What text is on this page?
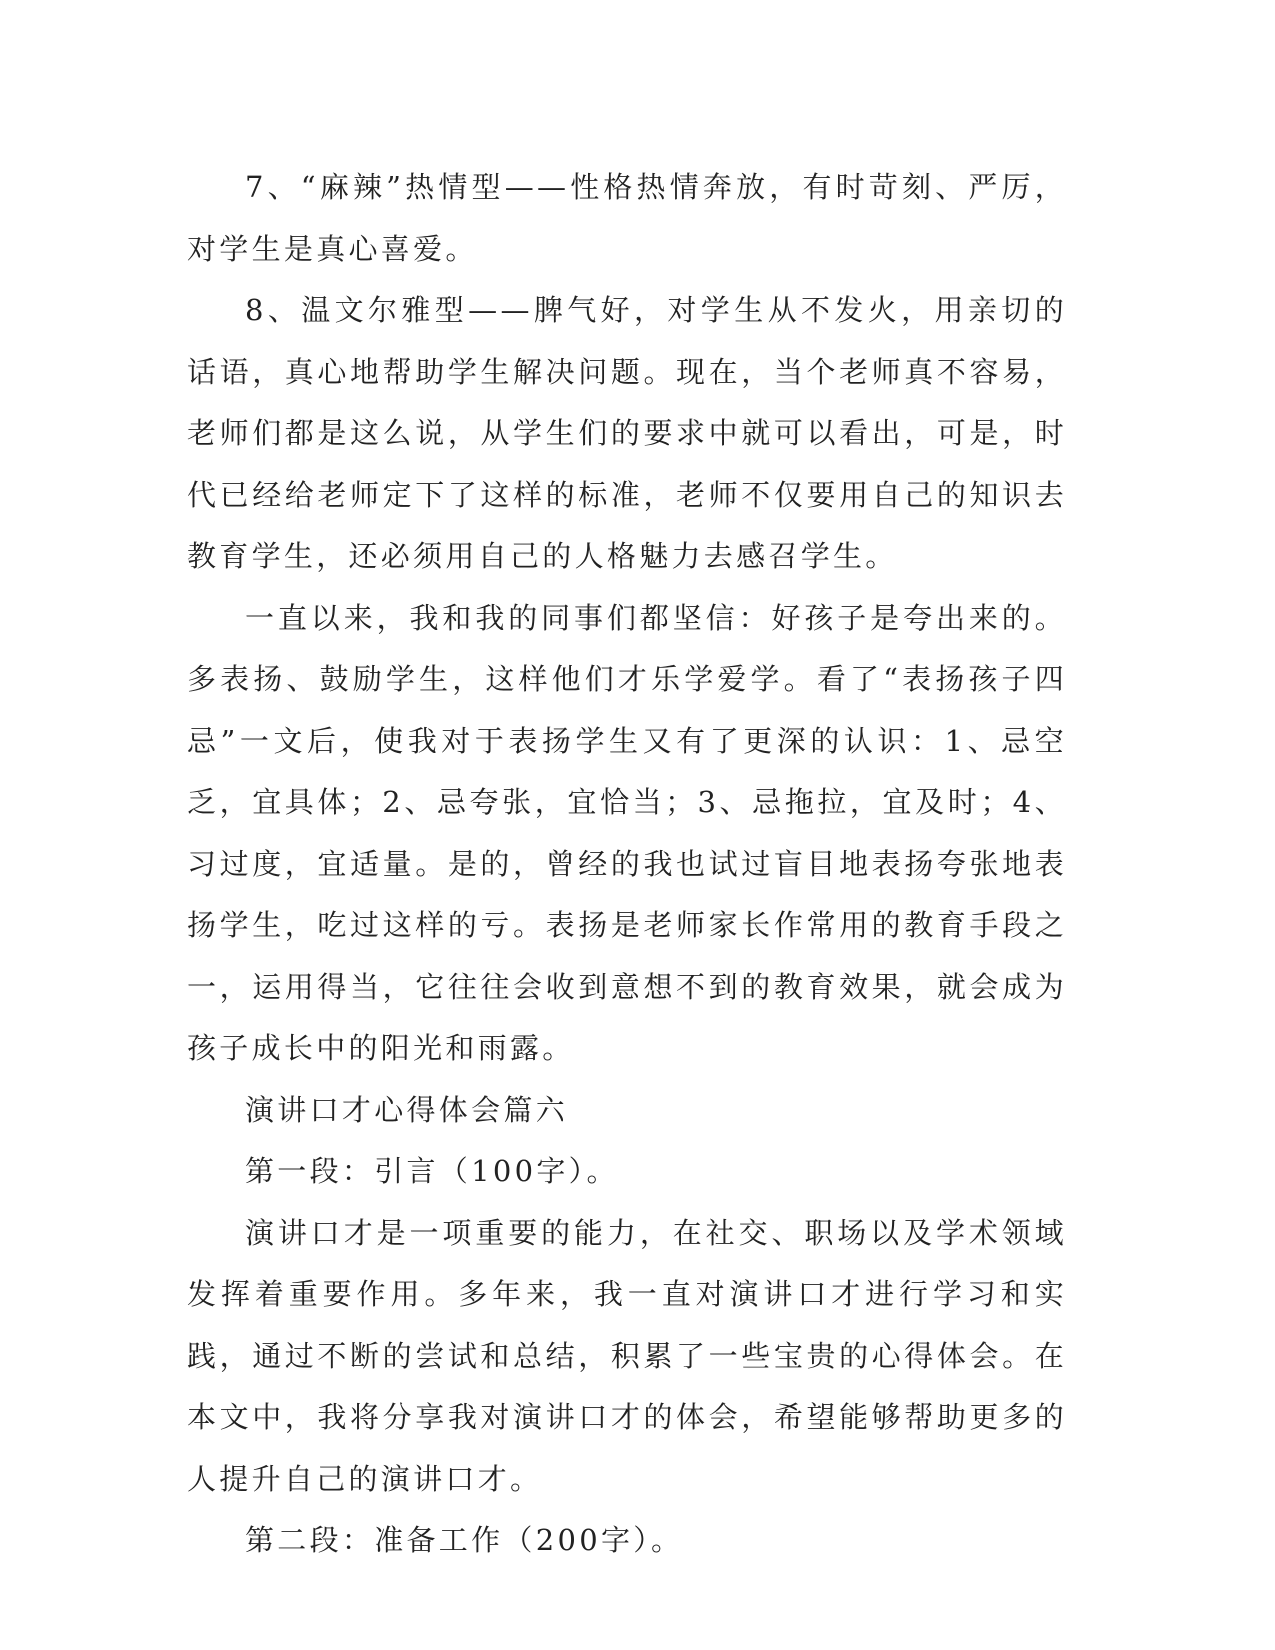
7、“麻辣”热情型——性格热情奔放，有时苛刻、严厉，对学生是真心喜爱。

8、温文尔雅型——脾气好，对学生从不发火，用亲切的话语，真心地帮助学生解决问题。现在，当个老师真不容易，老师们都是这么说，从学生们的要求中就可以看出，可是，时代已经给老师定下了这样的标准，老师不仅要用自己的知识去教育学生，还必须用自己的人格魅力去感召学生。

一直以来，我和我的同事们都坚信：好孩子是夸出来的。多表扬、鼓励学生，这样他们才乐学爱学。看了“表扬孩子四忌”一文后，使我对于表扬学生又有了更深的认识：1、忌空乏，宜具体；2、忌夸张，宜恰当；3、忌拖拉，宜及时；4、习过度，宜适量。是的，曾经的我也试过盲目地表扬夸张地表扬学生，吃过这样的亏。表扬是老师家长作常用的教育手段之一，运用得当，它往往会收到意想不到的教育效果，就会成为孩子成长中的阳光和雨露。

演讲口才心得体会篇六

第一段：引言（100字）。

演讲口才是一项重要的能力，在社交、职场以及学术领域发挥着重要作用。多年来，我一直对演讲口才进行学习和实践，通过不断的尝试和总结，积累了一些宝贵的心得体会。在本文中，我将分享我对演讲口才的体会，希望能够帮助更多的人提升自己的演讲口才。

第二段：准备工作（200字）。
